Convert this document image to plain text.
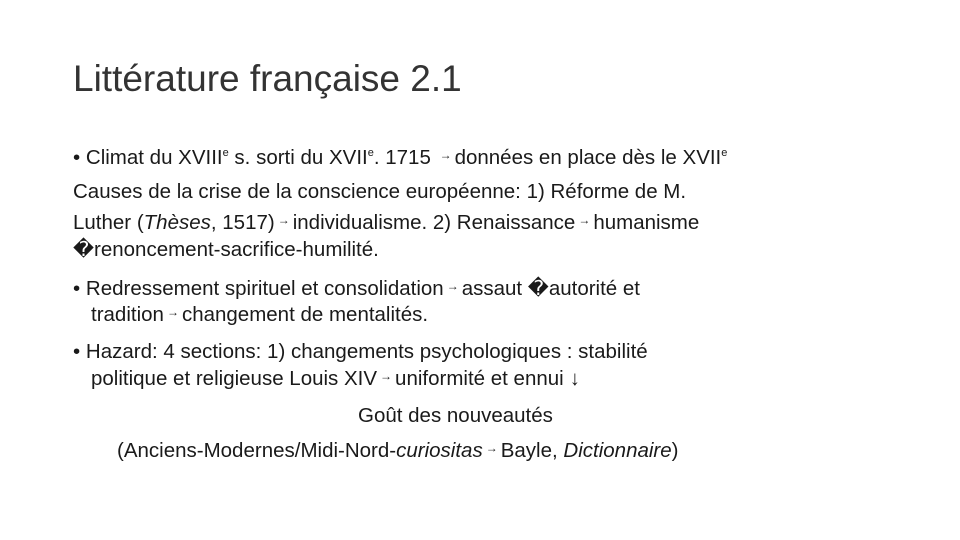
Littérature française 2.1
• Climat du XVIIIe s. sorti du XVIIe. 1715 → données en place dès le XVIIe
Causes de la crise de la conscience européenne: 1) Réforme de M.
Luther (Thèses, 1517) → individualisme. 2) Renaissance → humanisme
�renoncement-sacrifice-humilité.
• Redressement spirituel et consolidation → assaut �autorité et
tradition → changement de mentalités.
• Hazard: 4 sections: 1) changements psychologiques : stabilité
politique et religieuse Louis XIV → uniformité et ennui ↓
Goût des nouveautés
(Anciens-Modernes/Midi-Nord-curiositas → Bayle, Dictionnaire)
